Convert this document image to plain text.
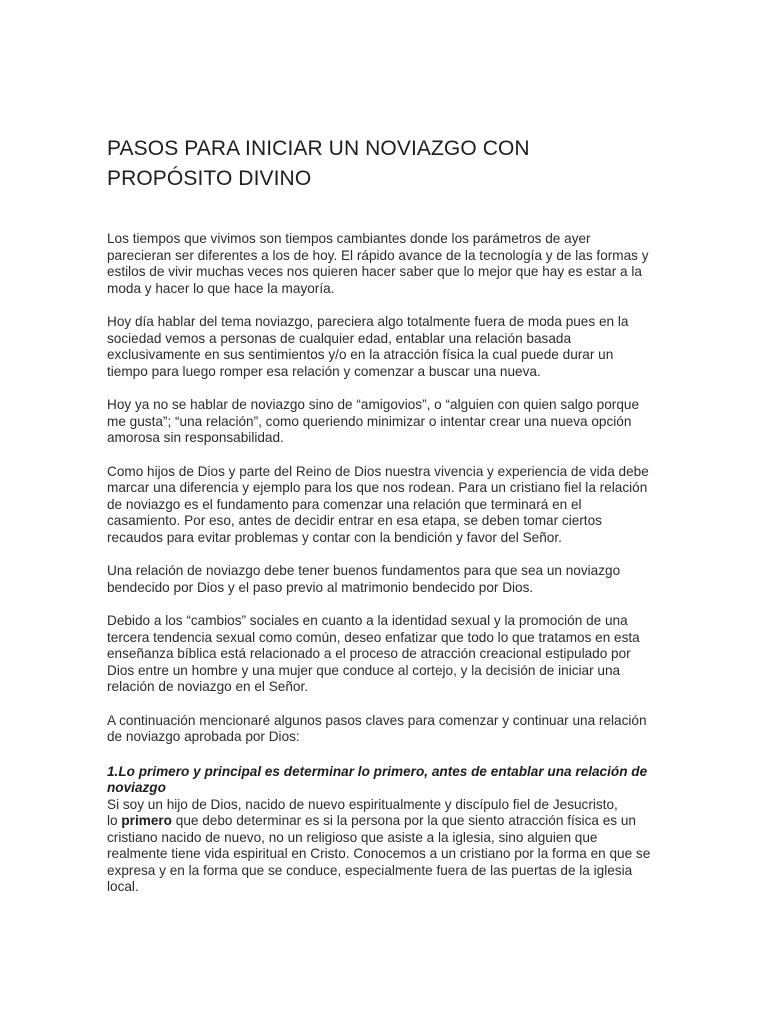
PASOS PARA INICIAR UN NOVIAZGO CON
PROPÓSITO DIVINO

Los tiempos que vivimos son tiempos cambiantes donde los parámetros de ayer
parecieran ser diferentes a los de hoy. El rápido avance de la tecnología y de las formas y
estilos de vivir muchas veces nos quieren hacer saber que lo mejor que hay es estar a la
moda y hacer lo que hace la mayoría.

Hoy día hablar del tema noviazgo, pareciera algo totalmente fuera de moda pues en la
sociedad vemos a personas de cualquier edad, entablar una relación basada
exclusivamente en sus sentimientos y/o en la atracción física la cual puede durar un
tiempo para luego romper esa relación y comenzar a buscar una nueva.

Hoy ya no se hablar de noviazgo sino de “amigovios”, o “alguien con quien salgo porque
me gusta”; “una relación”, como queriendo minimizar o intentar crear una nueva opción
amorosa sin responsabilidad.

Como hijos de Dios y parte del Reino de Dios nuestra vivencia y experiencia de vida debe
marcar una diferencia y ejemplo para los que nos rodean. Para un cristiano fiel la relación
de noviazgo es el fundamento para comenzar una relación que terminará en el
casamiento. Por eso, antes de decidir entrar en esa etapa, se deben tomar ciertos
recaudos para evitar problemas y contar con la bendición y favor del Señor.

Una relación de noviazgo debe tener buenos fundamentos para que sea un noviazgo
bendecido por Dios y el paso previo al matrimonio bendecido por Dios.

Debido a los “cambios” sociales en cuanto a la identidad sexual y la promoción de una
tercera tendencia sexual como común, deseo enfatizar que todo lo que tratamos en esta
enseñanza bíblica está relacionado a el proceso de atracción creacional estipulado por
Dios entre un hombre y una mujer que conduce al cortejo, y la decisión de iniciar una
relación de noviazgo en el Señor.

A continuación mencionaré algunos pasos claves para comenzar y continuar una relación
de noviazgo aprobada por Dios:

1.Lo primero y principal es determinar lo primero, antes de entablar una relación de
noviazgo

Si soy un hijo de Dios, nacido de nuevo espiritualmente y discípulo fiel de Jesucristo,
lo primero que debo determinar es si la persona por la que siento atracción física es un
cristiano nacido de nuevo, no un religioso que asiste a la iglesia, sino alguien que
realmente tiene vida espiritual en Cristo. Conocemos a un cristiano por la forma en que se
expresa y en la forma que se conduce, especialmente fuera de las puertas de la iglesia
local.
